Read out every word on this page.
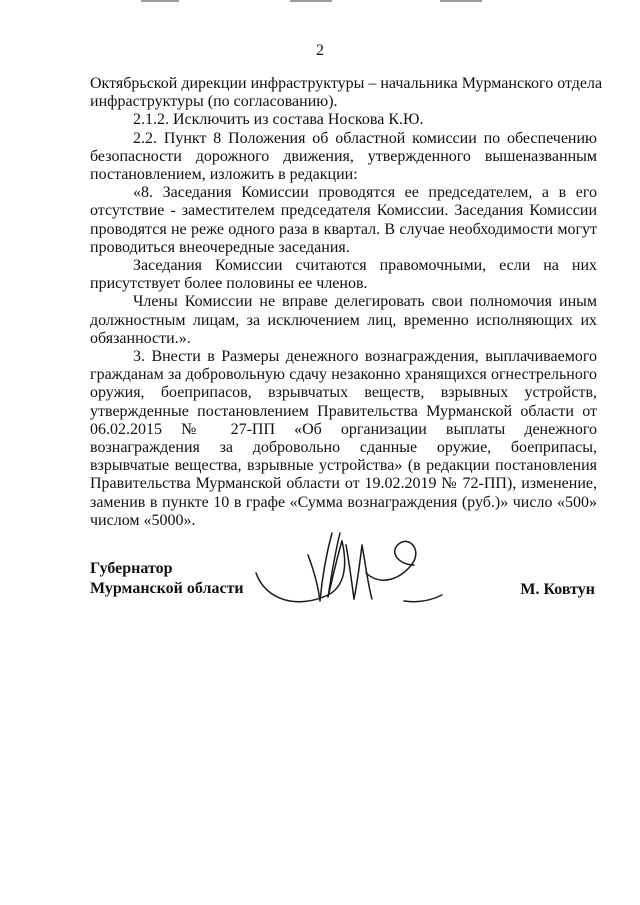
2

Октябрьской дирекции инфраструктуры – начальника Мурманского отдела

инфраструктуры (по согласованию).

2.1.2. Исключить из состава Носкова К.Ю.

2.2. Пункт 8 Положения об областной комиссии по обеспечению безопасности дорожного движения, утвержденного вышеназванным постановлением, изложить в редакции:

«8. Заседания Комиссии проводятся ее председателем, а в его отсутствие - заместителем председателя Комиссии. Заседания Комиссии проводятся не реже одного раза в квартал. В случае необходимости могут проводиться внеочередные заседания.

Заседания Комиссии считаются правомочными, если на них присутствует более половины ее членов.

Члены Комиссии не вправе делегировать свои полномочия иным должностным лицам, за исключением лиц, временно исполняющих их обязанности.».

3. Внести в Размеры денежного вознаграждения, выплачиваемого гражданам за добровольную сдачу незаконно хранящихся огнестрельного оружия, боеприпасов, взрывчатых веществ, взрывных устройств, утвержденные постановлением Правительства Мурманской области от 06.02.2015 № 27-ПП «Об организации выплаты денежного вознаграждения за добровольно сданные оружие, боеприпасы, взрывчатые вещества, взрывные устройства» (в редакции постановления Правительства Мурманской области от 19.02.2019 № 72-ПП), изменение, заменив в пункте 10 в графе «Сумма вознаграждения (руб.)» число «500» числом «5000».

Губернатор
Мурманской области	М. Ковтун
